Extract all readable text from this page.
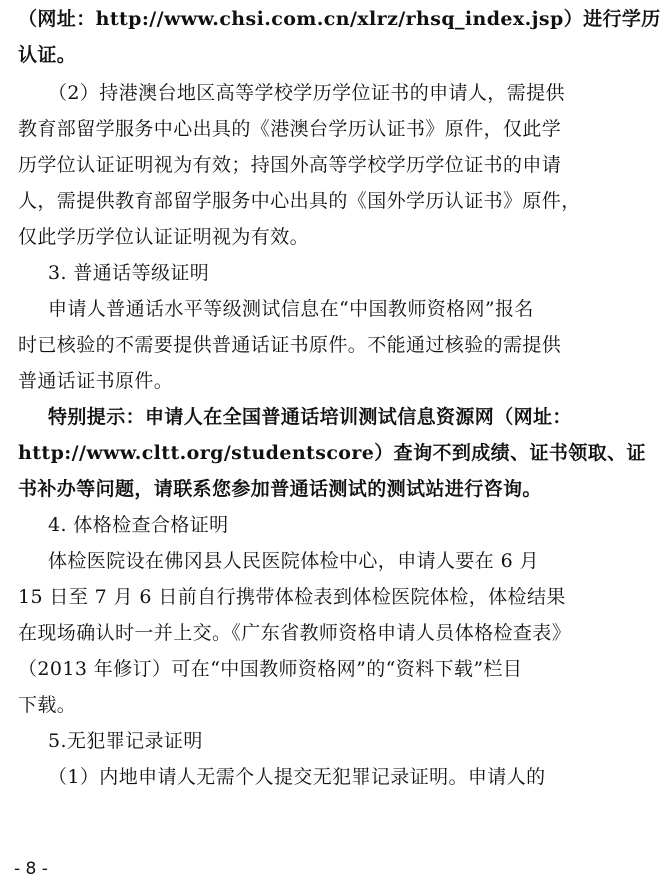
（网址：http://www.chsi.com.cn/xlrz/rhsq_index.jsp）进行学历
认证。
（2）持港澳台地区高等学校学历学位证书的申请人，需提供
教育部留学服务中心出具的《港澳台学历认证书》原件，仅此学
历学位认证证明视为有效；持国外高等学校学历学位证书的申请
人，需提供教育部留学服务中心出具的《国外学历认证书》原件，
仅此学历学位认证证明视为有效。
3. 普通话等级证明
申请人普通话水平等级测试信息在“中国教师资格网”报名
时已核验的不需要提供普通话证书原件。不能通过核验的需提供
普通话证书原件。
特别提示：申请人在全国普通话培训测试信息资源网（网址：
http://www.cltt.org/studentscore）查询不到成绩、证书领取、证
书补办等问题，请联系您参加普通话测试的测试站进行咨询。
4. 体格检查合格证明
体检医院设在佛冈县人民医院体检中心，申请人要在 6 月
15 日至 7 月 6 日前自行携带体检表到体检医院体检，体检结果
在现场确认时一并上交。《广东省教师资格申请人员体格检查表》
（2013 年修订）可在“中国教师资格网”的“资料下载”栏目
下载。
5.无犯罪记录证明
（1）内地申请人无需个人提交无犯罪记录证明。申请人的
- 8 -
